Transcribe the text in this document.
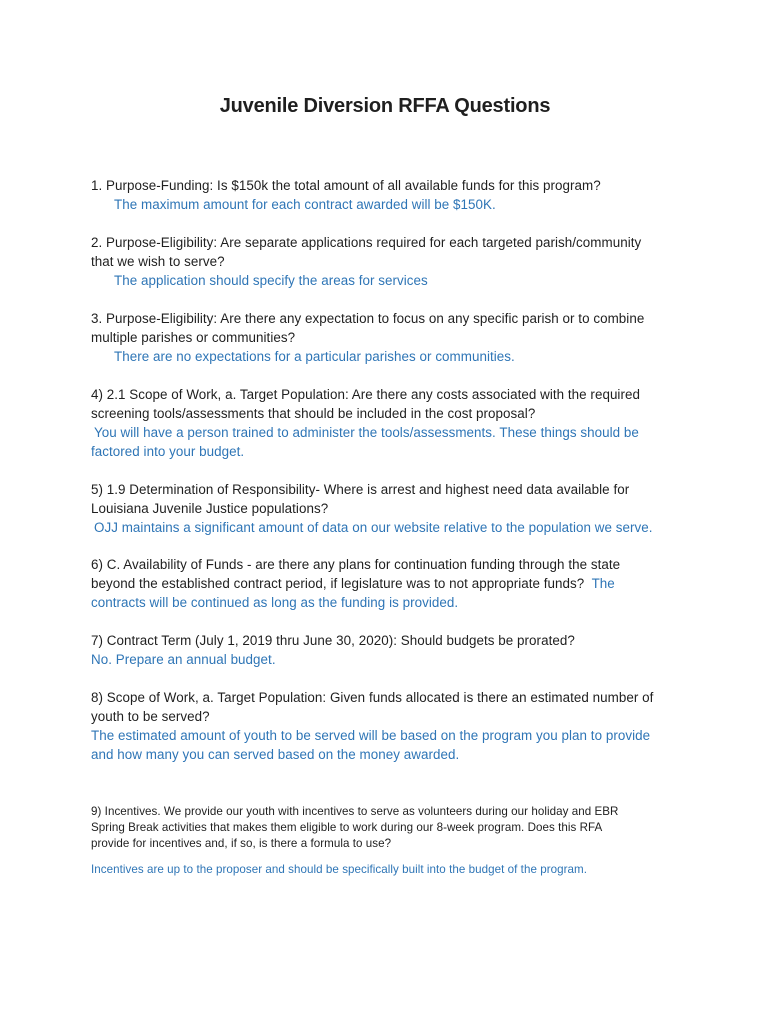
Juvenile Diversion RFFA Questions
1. Purpose-Funding: Is $150k the total amount of all available funds for this program?
The maximum amount for each contract awarded will be $150K.
2. Purpose-Eligibility: Are separate applications required for each targeted parish/community
that we wish to serve?
The application should specify the areas for services
3. Purpose-Eligibility: Are there any expectation to focus on any specific parish or to combine
multiple parishes or communities?
There are no expectations for a particular parishes or communities.
4) 2.1 Scope of Work, a. Target Population: Are there any costs associated with the required
screening tools/assessments that should be included in the cost proposal?
You will have a person trained to administer the tools/assessments. These things should be
factored into your budget.
5) 1.9 Determination of Responsibility- Where is arrest and highest need data available for
Louisiana Juvenile Justice populations?
OJJ maintains a significant amount of data on our website relative to the population we serve.
6) C. Availability of Funds - are there any plans for continuation funding through the state
beyond the established contract period, if legislature was to not appropriate funds? The
contracts will be continued as long as the funding is provided.
7) Contract Term (July 1, 2019 thru June 30, 2020): Should budgets be prorated?
No. Prepare an annual budget.
8) Scope of Work, a. Target Population: Given funds allocated is there an estimated number of
youth to be served?
The estimated amount of youth to be served will be based on the program you plan to provide
and how many you can served based on the money awarded.
9) Incentives. We provide our youth with incentives to serve as volunteers during our holiday and EBR
Spring Break activities that makes them eligible to work during our 8-week program. Does this RFA
provide for incentives and, if so, is there a formula to use?
Incentives are up to the proposer and should be specifically built into the budget of the program.
